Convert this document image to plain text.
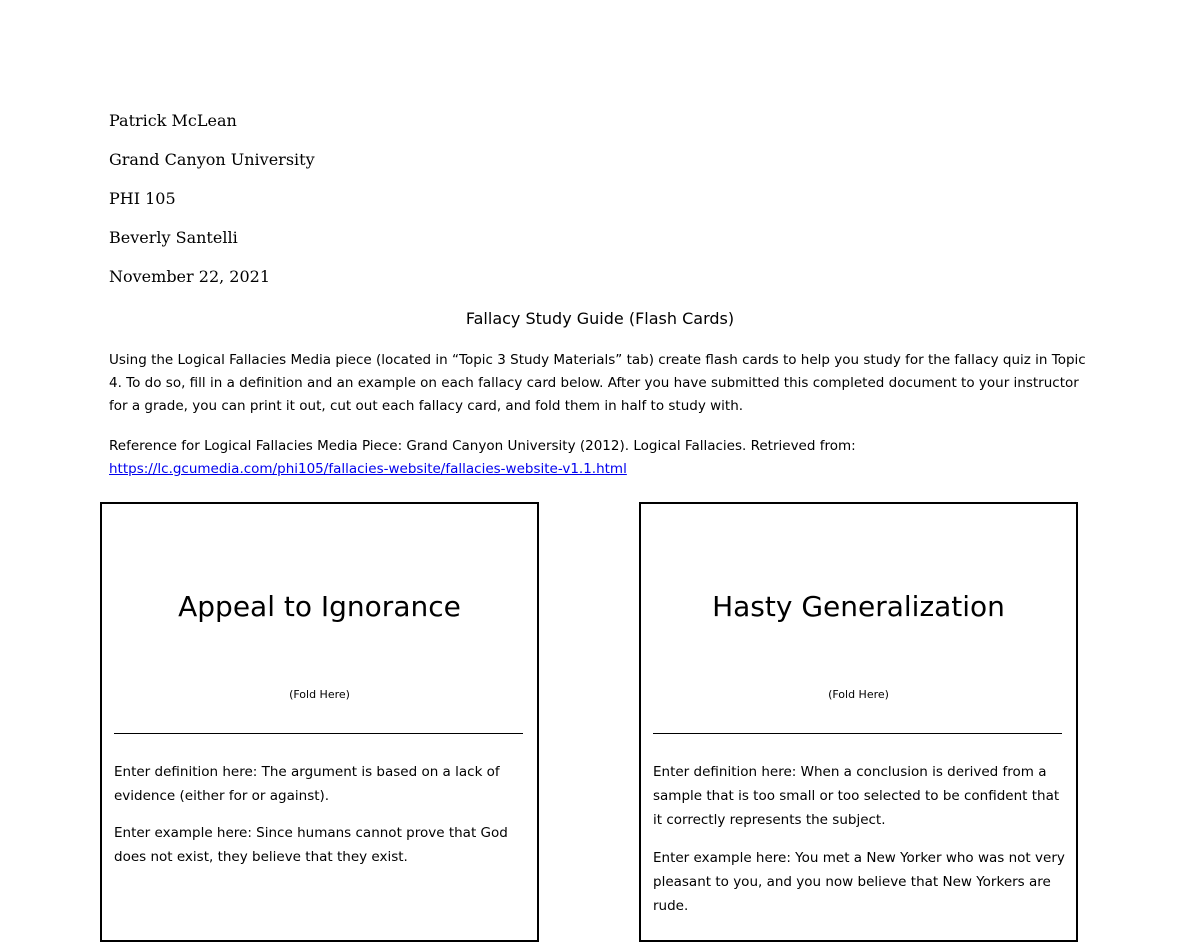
Patrick McLean
Grand Canyon University
PHI 105
Beverly Santelli
November 22, 2021
Fallacy Study Guide (Flash Cards)
Using the Logical Fallacies Media piece (located in “Topic 3 Study Materials” tab) create flash cards to help you study for the fallacy quiz in Topic 4. To do so, fill in a definition and an example on each fallacy card below. After you have submitted this completed document to your instructor for a grade, you can print it out, cut out each fallacy card, and fold them in half to study with.
Reference for Logical Fallacies Media Piece: Grand Canyon University (2012). Logical Fallacies. Retrieved from:
https://lc.gcumedia.com/phi105/fallacies-website/fallacies-website-v1.1.html
Appeal to Ignorance
(Fold Here)
Enter definition here: The argument is based on a lack of evidence (either for or against).
Enter example here: Since humans cannot prove that God does not exist, they believe that they exist.
Hasty Generalization
(Fold Here)
Enter definition here: When a conclusion is derived from a sample that is too small or too selected to be confident that it correctly represents the subject.
Enter example here: You met a New Yorker who was not very pleasant to you, and you now believe that New Yorkers are rude.
